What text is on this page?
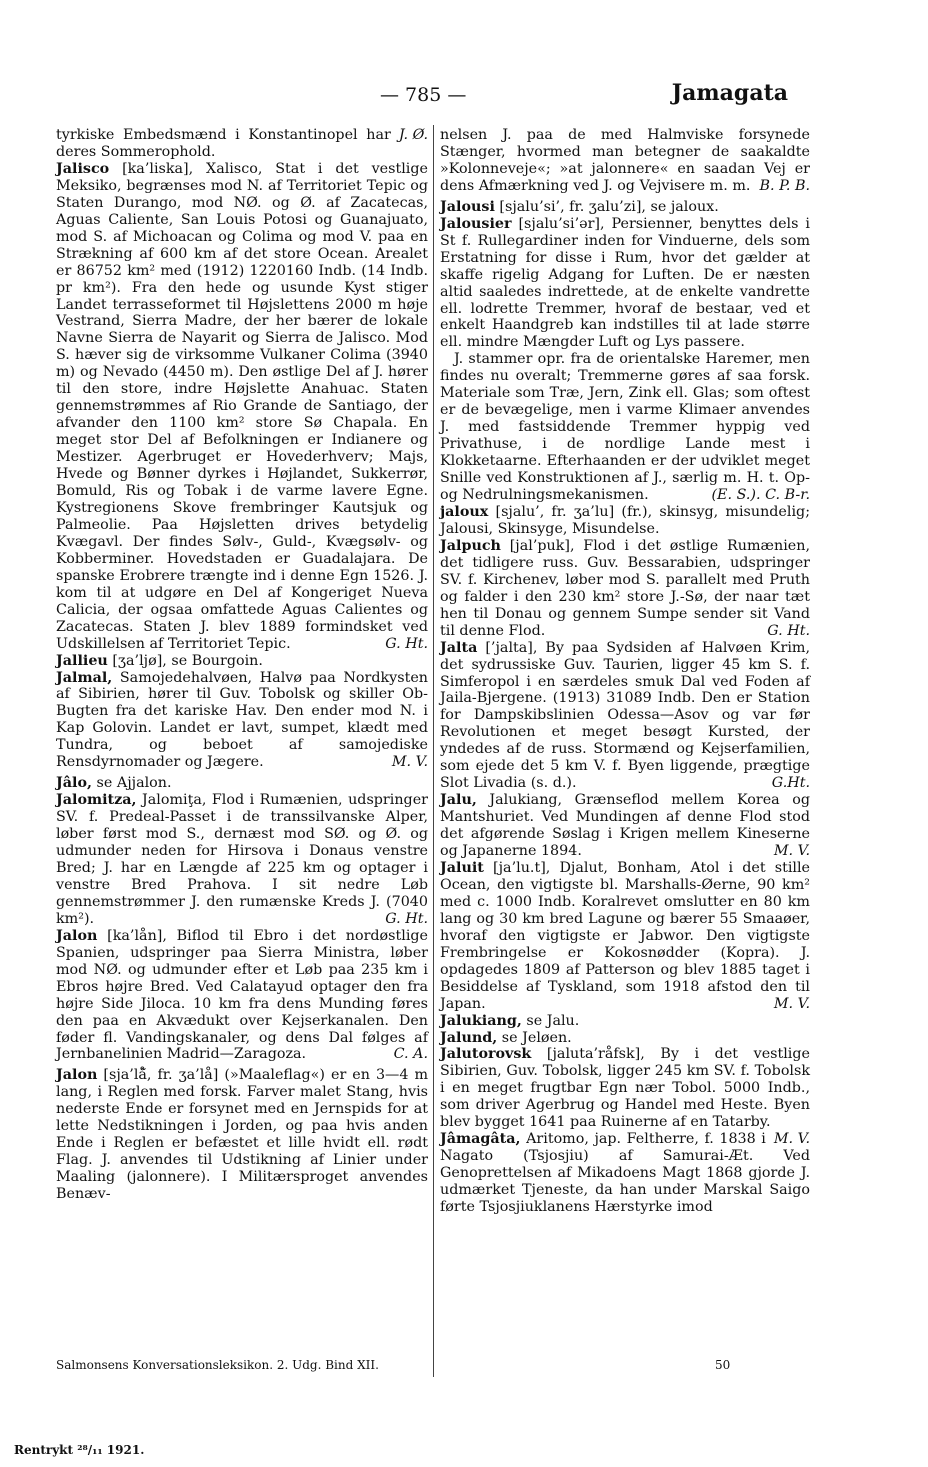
— 785 —	Jamagata

J. Ø.
tyrkiske Embedsmænd i Konstantinopel har deres Sommerophold.

Jalisco [ka’liska], Xalisco, Stat i det vestlige Meksiko, begrænses mod N. af Territoriet Tepic og Staten Durango, mod NØ. og Ø. af Zacatecas, Aguas Caliente, San Louis Potosi og Guanajuato, mod S. af Michoacan og Colima og mod V. paa en Strækning af 600 km af det store Ocean. Arealet er 86752 km² med (1912) 1220160 Indb. (14 Indb. pr km²). Fra den hede og usunde Kyst stiger Landet terrasseformet til Højslettens 2000 m høje Vestrand, Sierra Madre, der her bærer de lokale Navne Sierra de Nayarit og Sierra de Jalisco. Mod S. hæver sig de virksomme Vulkaner Colima (3940 m) og Nevado (4450 m). Den østlige Del af J. hører til den store, indre Højslette Anahuac. Staten gennemstrømmes af Rio Grande de Santiago, der afvander den 1100 km² store Sø Chapala. En meget stor Del af Befolkningen er Indianere og Mestizer. Agerbruget er Hovederhverv; Majs, Hvede og Bønner dyrkes i Højlandet, Sukkerrør, Bomuld, Ris og Tobak i de varme lavere Egne. Kystregionens Skove frembringer Kautsjuk og Palmeolie. Paa Højsletten drives betydelig Kvægavl. Der findes Sølv-, Guld-, Kvægsølv- og Kobberminer. Hovedstaden er Guadalajara. De spanske Erobrere trængte ind i denne Egn 1526. J. kom til at udgøre en Del af Kongeriget Nueva Calicia, der ogsaa omfattede Aguas Calientes og Zacatecas. Staten J. blev 1889 formindsket ved Udskillelsen af Territoriet Tepic.	G. Ht.

Jallieu [ʒa’ljø], se Bourgoin.

Jalmal, Samojedehalvøen, Halvø paa Nordkysten af Sibirien, hører til Guv. Tobolsk og skiller Ob-Bugten fra det kariske Hav. Den ender mod N. i Kap Golovin. Landet er lavt, sumpet, klædt med Tundra, og beboet af samojediske Rensdyrnomader og Jægere.	M. V.

Jâlo, se Ajjalon.

Jalomitza, Jalomiţa, Flod i Rumænien, udspringer SV. f. Predeal-Passet i de transsilvanske Alper, løber først mod S., dernæst mod SØ. og Ø. og udmunder neden for Hirsova i Donaus venstre Bred; J. har en Længde af 225 km og optager i venstre Bred Prahova. I sit nedre Løb gennemstrømmer J. den rumænske Kreds J. (7040 km²).	G. Ht.

Jalon [ka’lån], Biflod til Ebro i det nordøstlige Spanien, udspringer paa Sierra Ministra, løber mod NØ. og udmunder efter et Løb paa 235 km i Ebros højre Bred. Ved Calatayud optager den fra højre Side Jiloca. 10 km fra dens Munding føres den paa en Akvædukt over Kejserkanalen. Den føder fl. Vandingskanaler, og dens Dal følges af Jernbanelinien Madrid—Zaragoza.	C. A.

Jalon [sja’lå̃, fr. ʒa’lå] (»Maaleflag«) er en 3—4 m lang, i Reglen med forsk. Farver malet Stang, hvis nederste Ende er forsynet med en Jernspids for at lette Nedstikningen i Jorden, og paa hvis anden Ende i Reglen er befæstet et lille hvidt ell. rødt Flag. J. anvendes til Udstikning af Linier under Maaling (jalonnere). I Militærsproget anvendes Benæv-

nelsen J. paa de med Halmviske forsynede Stænger, hvormed man betegner de saakaldte »Kolonneveje«; »at jalonnere« en saadan Vej er dens Afmærkning ved J. og Vejvisere m. m. B. P. B.

Jalousi [sjalu’si’, fr. ʒalu’zi], se jaloux.

Jalousier [sjalu’si’ər], Persienner, benyttes dels i St f. Rullegardiner inden for Vinduerne, dels som Erstatning for disse i Rum, hvor det gælder at skaffe rigelig Adgang for Luften. De er næsten altid saaledes indrettede, at de enkelte vandrette ell. lodrette Tremmer, hvoraf de bestaar, ved et enkelt Haandgreb kan indstilles til at lade større ell. mindre Mængder Luft og Lys passere.

J. stammer opr. fra de orientalske Haremer, men findes nu overalt; Tremmerne gøres af saa forsk. Materiale som Træ, Jern, Zink ell. Glas; som oftest er de bevægelige, men i varme Klimaer anvendes J. med fastsiddende Tremmer hyppig ved Privathuse, i de nordlige Lande mest i Klokketaarne. Efterhaanden er der udviklet meget Snille ved Konstruktionen af J., særlig m. H. t. Op- og Nedrulningsmekanismen.	(E. S.). C. B-r.

jaloux [sjalu’, fr. ʒa’lu] (fr.), skinsyg, misundelig; Jalousi, Skinsyge, Misundelse.

Jalpuch [jal’puk], Flod i det østlige Rumænien, det tidligere russ. Guv. Bessarabien, udspringer SV. f. Kirchenev, løber mod S. parallelt med Pruth og falder i den 230 km² store J.-Sø, der naar tæt hen til Donau og gennem Sumpe sender sit Vand til denne Flod.	G. Ht.

Jalta [’jalta], By paa Sydsiden af Halvøen Krim, det sydrussiske Guv. Taurien, ligger 45 km S. f. Simferopol i en særdeles smuk Dal ved Foden af Jaila-Bjergene. (1913) 31089 Indb. Den er Station for Dampskibslinien Odessa—Asov og var før Revolutionen et meget besøgt Kursted, der yndedes af de russ. Stormænd og Kejserfamilien, som ejede det 5 km V. f. Byen liggende, prægtige Slot Livadia (s. d.).	G.Ht.

Jalu, Jalukiang, Grænseflod mellem Korea og Mantshuriet. Ved Mundingen af denne Flod stod det afgørende Søslag i Krigen mellem Kineserne og Japanerne 1894.	M. V.

Jaluit [ja’lu.t], Djalut, Bonham, Atol i det stille Ocean, den vigtigste bl. Marshalls-Øerne, 90 km² med c. 1000 Indb. Koralrevet omslutter en 80 km lang og 30 km bred Lagune og bærer 55 Smaaøer, hvoraf den vigtigste er Jabwor. Den vigtigste Frembringelse er Kokosnødder (Kopra). J. opdagedes 1809 af Patterson og blev 1885 taget i Besiddelse af Tyskland, som 1918 afstod den til Japan.	M. V.

Jalukiang, se Jalu.

Jalund, se Jeløen.

Jalutorovsk [jaluta’råfsk], By i det vestlige Sibirien, Guv. Tobolsk, ligger 245 km SV. f. Tobolsk i en meget frugtbar Egn nær Tobol. 5000 Indb., som driver Agerbrug og Handel med Heste. Byen blev bygget 1641 paa Ruinerne af en Tatarby.
M. V.

Jâmagâta, Aritomo, jap. Feltherre, f. 1838 i Nagato (Tsjosjiu) af Samurai-Æt. Ved Genoprettelsen af Mikadoens Magt 1868 gjorde J. udmærket Tjeneste, da han under Marskal Saigo førte Tsjosjiuklanens Hærstyrke imod

Salmonsens Konversationsleksikon. 2. Udg. Bind XII.	50
Rentrykt ²⁸/₁₁ 1921.
